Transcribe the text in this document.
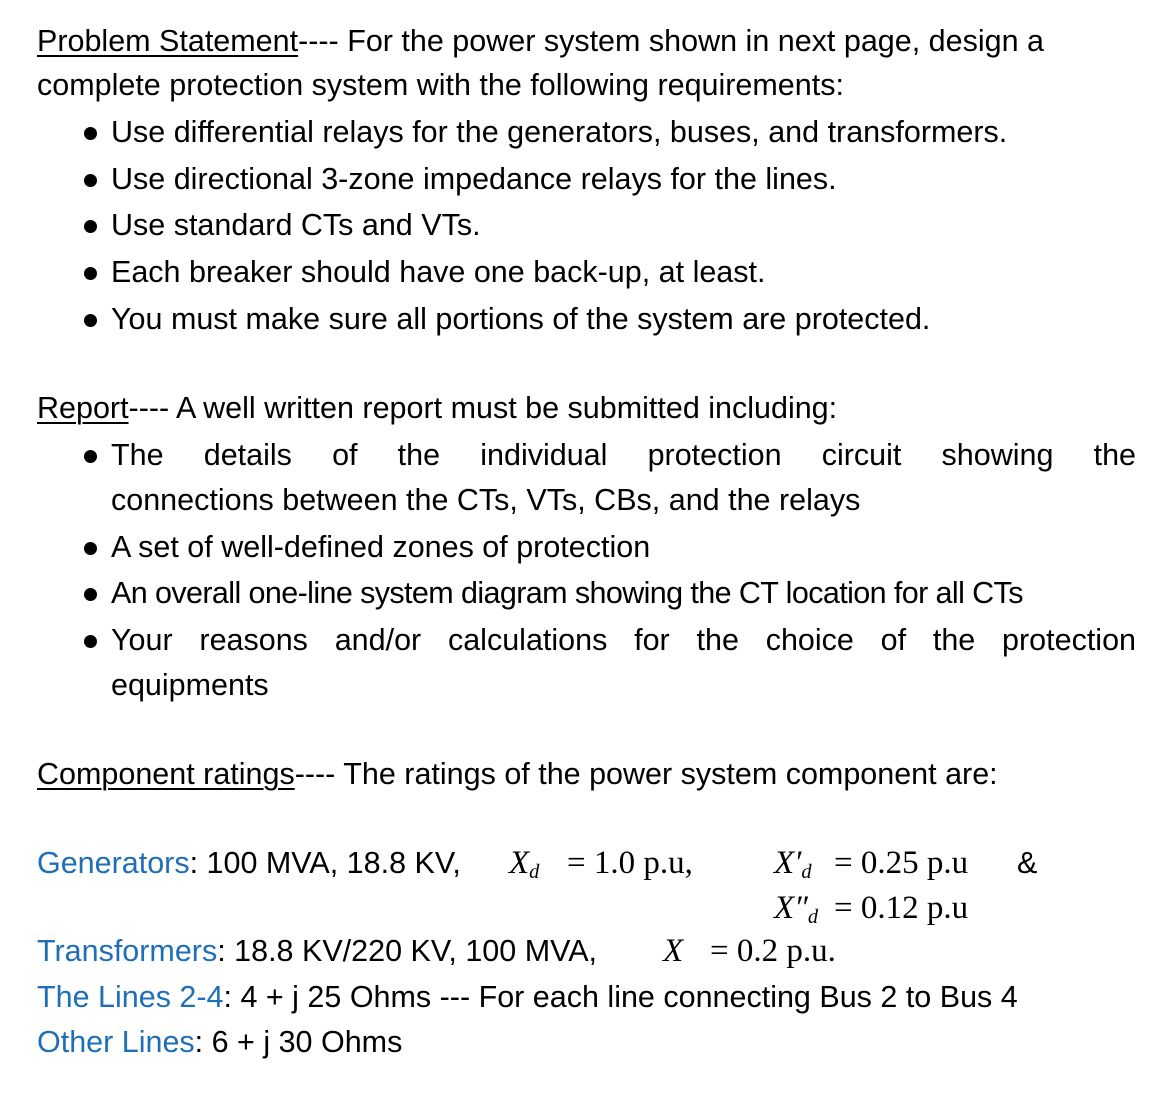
Problem Statement---- For the power system shown in next page, design a
complete protection system with the following requirements:
Use differential relays for the generators, buses, and transformers.
Use directional 3-zone impedance relays for the lines.
Use standard CTs and VTs.
Each breaker should have one back-up, at least.
You must make sure all portions of the system are protected.
Report---- A well written report must be submitted including:
The details of the individual protection circuit showing the
connections between the CTs, VTs, CBs, and the relays
A set of well-defined zones of protection
An overall one-line system diagram showing the CT location for all CTs
Your reasons and/or calculations for the choice of the protection
equipments
Component ratings---- The ratings of the power system component are:
Generators: 100 MVA, 18.8 KV, $X_d = 1.0$ p.u, $X'_d = 0.25$ p.u &
$X''_d = 0.12$ p.u
Transformers: 18.8 KV/220 KV, 100 MVA, X = 0.2 p.u.
The Lines 2-4: 4 + j 25 Ohms --- For each line connecting Bus 2 to Bus 4
Other Lines: 6 + j 30 Ohms
